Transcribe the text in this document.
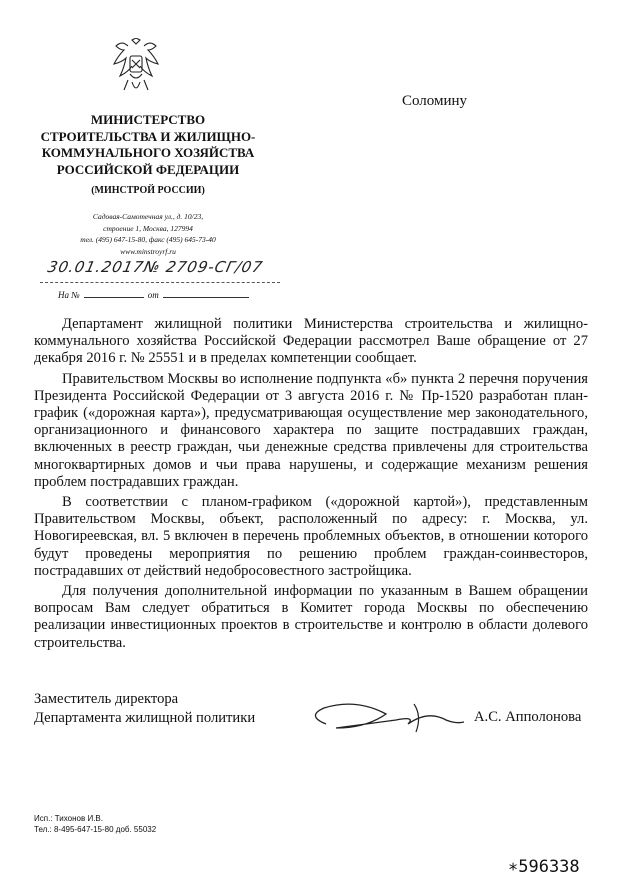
МИНИСТЕРСТВО
СТРОИТЕЛЬСТВА И ЖИЛИЩНО-
КОММУНАЛЬНОГО ХОЗЯЙСТВА
РОССИЙСКОЙ ФЕДЕРАЦИИ
(МИНСТРОЙ РОССИИ)
Садовая-Самотечная ул., д. 10/23,
строение 1, Москва, 127994
тел. (495) 647-15-80, факс (495) 645-73-40
www.minstroyrf.ru
30.01.2017№ 2709-СГ/07
На №	от
Соломину

Департамент жилищной политики Министерства строительства и жилищно-коммунального хозяйства Российской Федерации рассмотрел Ваше обращение от 27 декабря 2016 г. № 25551 и в пределах компетенции сообщает.

Правительством Москвы во исполнение подпункта «б» пункта 2 перечня поручения Президента Российской Федерации от 3 августа 2016 г. № Пр-1520 разработан план-график («дорожная карта»), предусматривающая осуществление мер законодательного, организационного и финансового характера по защите пострадавших граждан, включенных в реестр граждан, чьи денежные средства привлечены для строительства многоквартирных домов и чьи права нарушены, и содержащие механизм решения проблем пострадавших граждан.

В соответствии с планом-графиком («дорожной картой»), представленным Правительством Москвы, объект, расположенный по адресу: г. Москва, ул. Новогиреевская, вл. 5 включен в перечень проблемных объектов, в отношении которого будут проведены мероприятия по решению проблем граждан-соинвесторов, пострадавших от действий недобросовестного застройщика.

Для получения дополнительной информации по указанным в Вашем обращении вопросам Вам следует обратиться в Комитет города Москвы по обеспечению реализации инвестиционных проектов в строительстве и контролю в области долевого строительства.

Заместитель директора
Департамента жилищной политики	А.С. Апполонова
Исп.: Тихонов И.В.
Тел.: 8-495-647-15-80 доб. 55032
∗596338
